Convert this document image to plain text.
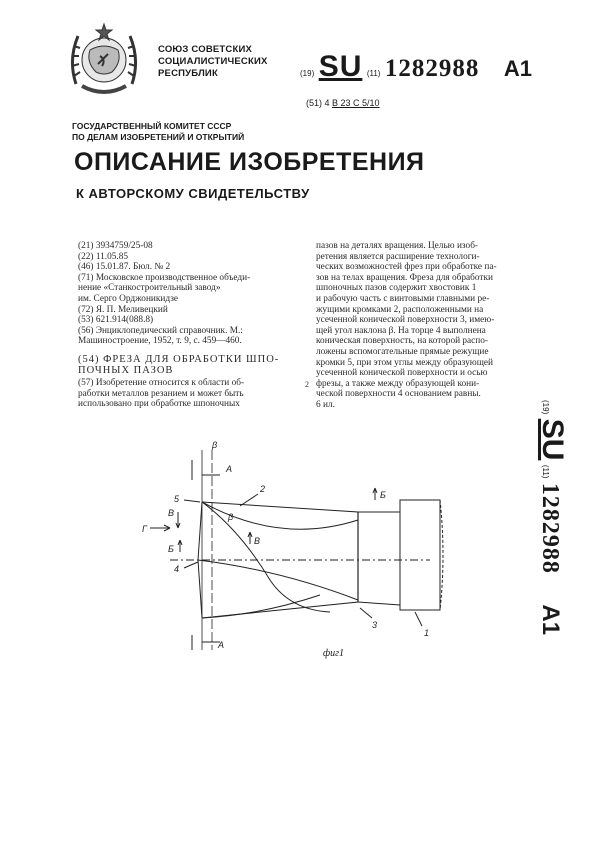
СОЮЗ СОВЕТСКИХ
СОЦИАЛИСТИЧЕСКИХ
РЕСПУБЛИК	(19) SU (11) 1282988 А1
(51) 4 В 23 С 5/10
ГОСУДАРСТВЕННЫЙ КОМИТЕТ СССР
ПО ДЕЛАМ ИЗОБРЕТЕНИЙ И ОТКРЫТИЙ
ОПИСАНИЕ ИЗОБРЕТЕНИЯ
К АВТОРСКОМУ СВИДЕТЕЛЬСТВУ
(21) 3934759/25-08
(22) 11.05.85
(46) 15.01.87. Бюл. № 2
(71) Московское производственное объеди-
нение «Станкостроительный завод»
им. Серго Орджоникидзе
(72) Я. П. Меливецкий
(53) 621.914(088.8)
(56) Энциклопедический справочник. М.:
Машиностроение, 1952, т. 9, с. 459—460.
(54) ФРЕЗА ДЛЯ ОБРАБОТКИ ШПО-
ПОЧНЫХ ПАЗОВ
(57) Изобретение относится к области об-
работки металлов резанием и может быть
использовано при обработке шпоночных
2
пазов на деталях вращения. Целью изоб-
ретения является расширение технологи-
ческих возможностей фрез при обработке па-
зов на телах вращения. Фреза для обработки
шпоночных пазов содержит хвостовик 1
и рабочую часть с винтовыми главными ре-
жущими кромками 2, расположенными на
усеченной конической поверхности 3, имею-
щей угол наклона β. На торце 4 выполнена
коническая поверхность, на которой распо-
ложены вспомогательные прямые режущие
кромки 5, при этом углы между образующей
усеченной конической поверхности и осью
фрезы, а также между образующей кони-
ческой поверхности 4 основанием равны.
6 ил.	(19) SU (11) 1282988 А1
β
А
А
5
4
2
3
1
Г
В
Б
В
Б
β
фиг1
